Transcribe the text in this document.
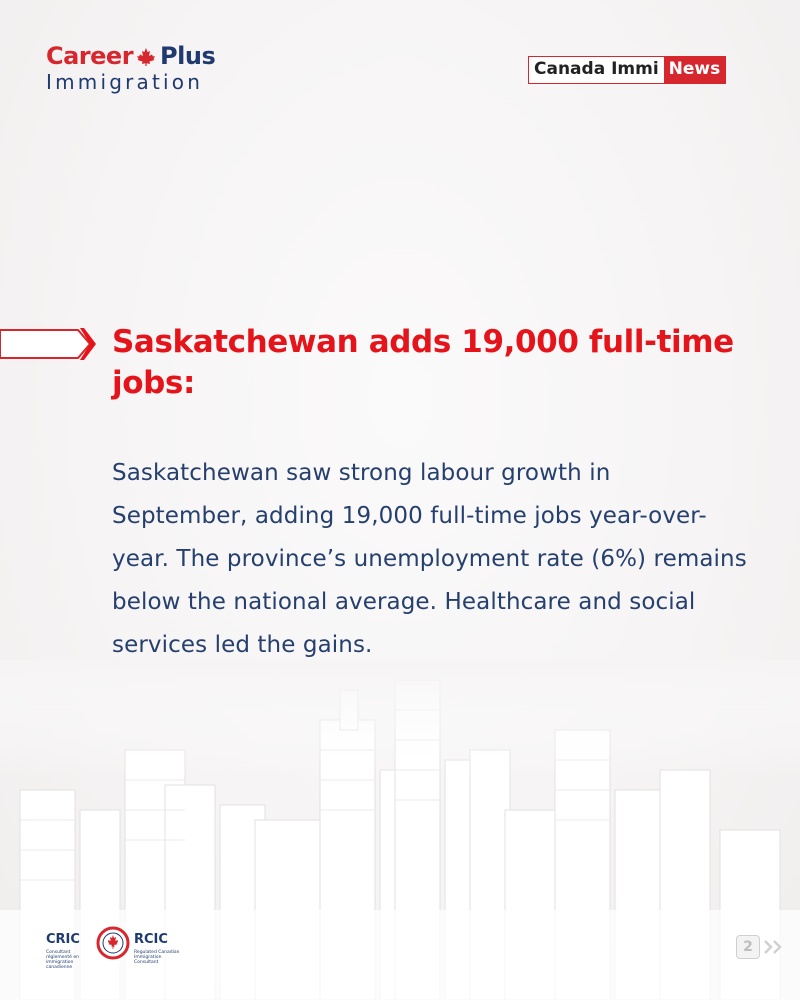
Career Plus
Immigration
Canada Immi News
Saskatchewan adds 19,000 full-time jobs:

Saskatchewan saw strong labour growth in September, adding 19,000 full-time jobs year-over-year. The province’s unemployment rate (6%) remains below the national average. Healthcare and social services led the gains.

CRIC
Consultant réglementé en immigration canadienne
RCIC
Regulated Canadian Immigration Consultant
2
